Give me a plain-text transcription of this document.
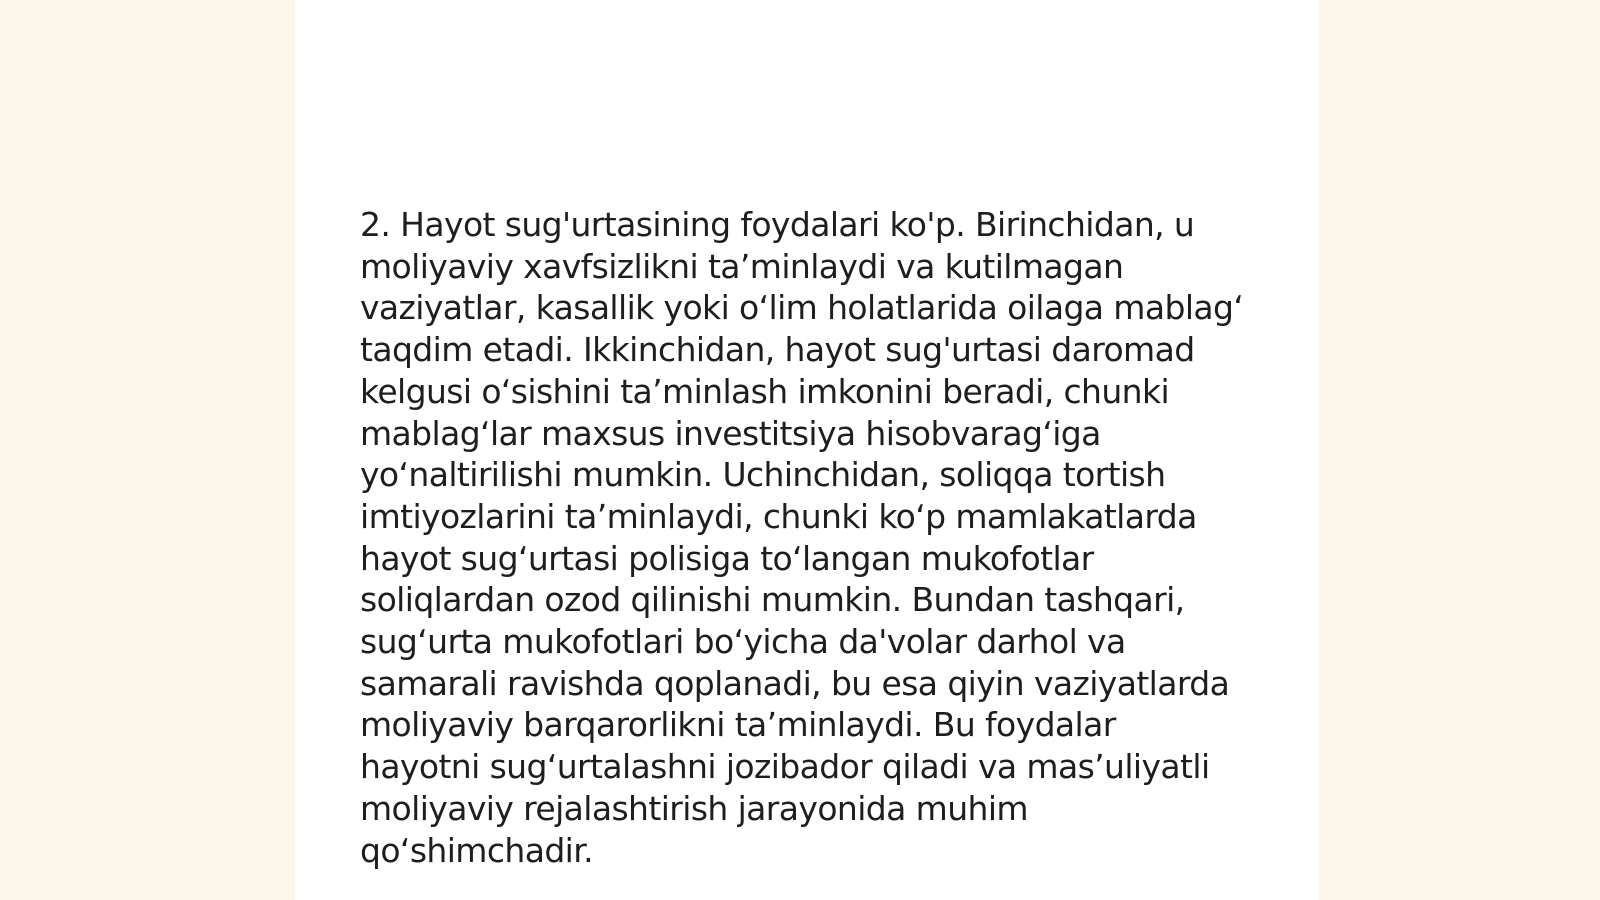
2. Hayot sug'urtasining foydalari ko'p. Birinchidan, u
moliyaviy xavfsizlikni taʼminlaydi va kutilmagan
vaziyatlar, kasallik yoki oʻlim holatlarida oilaga mablagʻ
taqdim etadi. Ikkinchidan, hayot sug'urtasi daromad
kelgusi oʻsishini taʼminlash imkonini beradi, chunki
mablagʻlar maxsus investitsiya hisobvaragʻiga
yoʻnaltirilishi mumkin. Uchinchidan, soliqqa tortish
imtiyozlarini taʼminlaydi, chunki koʻp mamlakatlarda
hayot sugʻurtasi polisiga toʻlangan mukofotlar
soliqlardan ozod qilinishi mumkin. Bundan tashqari,
sugʻurta mukofotlari boʻyicha da'volar darhol va
samarali ravishda qoplanadi, bu esa qiyin vaziyatlarda
moliyaviy barqarorlikni taʼminlaydi. Bu foydalar
hayotni sugʻurtalashni jozibador qiladi va masʼuliyatli
moliyaviy rejalashtirish jarayonida muhim
qoʻshimchadir.
